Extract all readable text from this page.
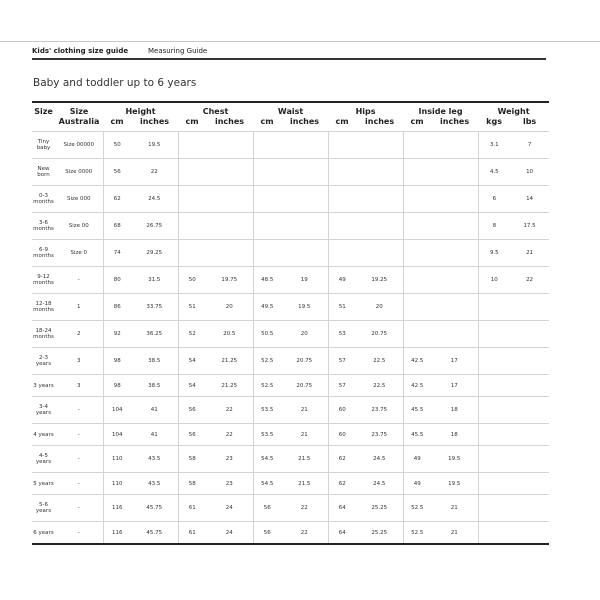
Kids' clothing size guide	Measuring Guide
Baby and toddler up to 6 years
Size	Size	Height		Chest		Waist		Hips		Inside leg		Weight	
	Australia	cm	inches	cm	inches	cm	inches	cm	inches	cm	inches	kgs	lbs
Tiny baby	Size 00000	50	19.5									3.1	7
New born	Size 0000	56	22									4.5	10
0-3 months	Size 000	62	24.5									6	14
3-6 months	Size 00	68	26.75									8	17.5
6-9 months	Size 0	74	29.25									9.5	21
9-12 months	-	80	31.5	50	19.75	48.5	19	49	19.25			10	22
12-18 months	1	86	33.75	51	20	49.5	19.5	51	20				
18-24 months	2	92	36.25	52	20.5	50.5	20	53	20.75				
2-3 years	3	98	38.5	54	21.25	52.5	20.75	57	22.5	42.5	17		
3 years	3	98	38.5	54	21.25	52.5	20.75	57	22.5	42.5	17		
3-4 years	-	104	41	56	22	53.5	21	60	23.75	45.5	18		
4 years	-	104	41	56	22	53.5	21	60	23.75	45.5	18		
4-5 years	-	110	43.5	58	23	54.5	21.5	62	24.5	49	19.5		
5 years	-	110	43.5	58	23	54.5	21.5	62	24.5	49	19.5		
5-6 years	-	116	45.75	61	24	56	22	64	25.25	52.5	21		
6 years	-	116	45.75	61	24	56	22	64	25.25	52.5	21		
